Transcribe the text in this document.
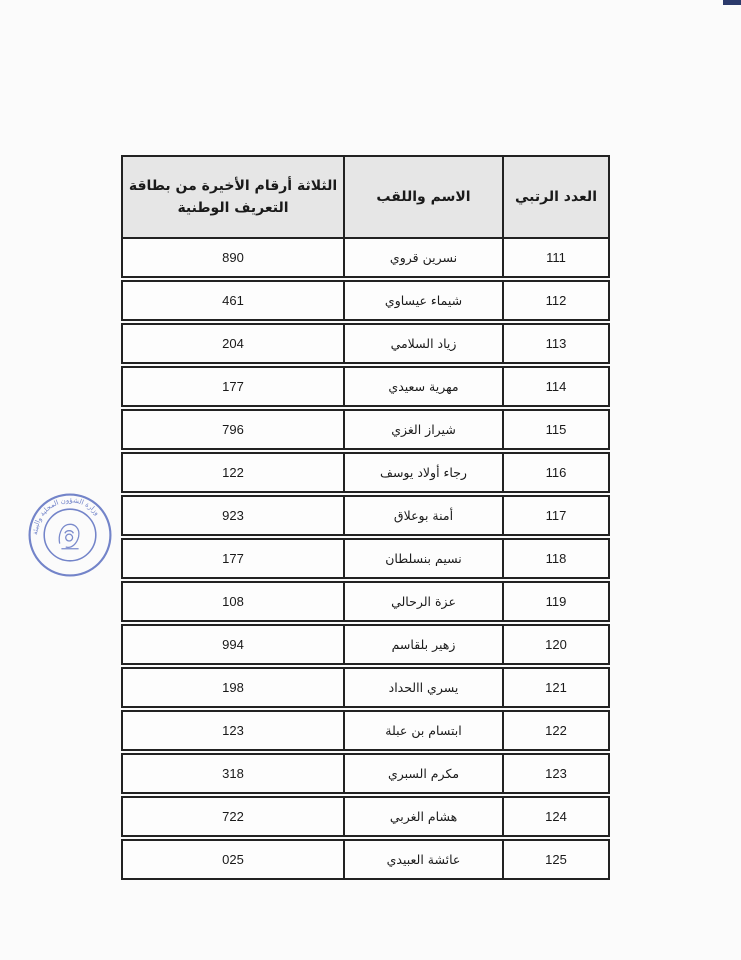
العدد الرتبي	الاسم واللقب	الثلاثة أرقام الأخيرة من بطاقة التعريف الوطنية
111	نسرين قروي	890

112	شيماء عيساوي	461

113	زياد السلامي	204

114	مهرية سعيدي	177

115	شيراز الغزي	796

116	رجاء أولاد يوسف	122

117	أمنة بوعلاق	923

118	نسيم بنسلطان	177

119	عزة الرحالي	108

120	زهير بلقاسم	994

121	يسري االحداد	198

122	ابتسام بن عبلة	123

123	مكرم السبري	318

124	هشام الغربي	722

125	عائشة العبيدي	025
وزارة الشؤون المحلية والبيئة
